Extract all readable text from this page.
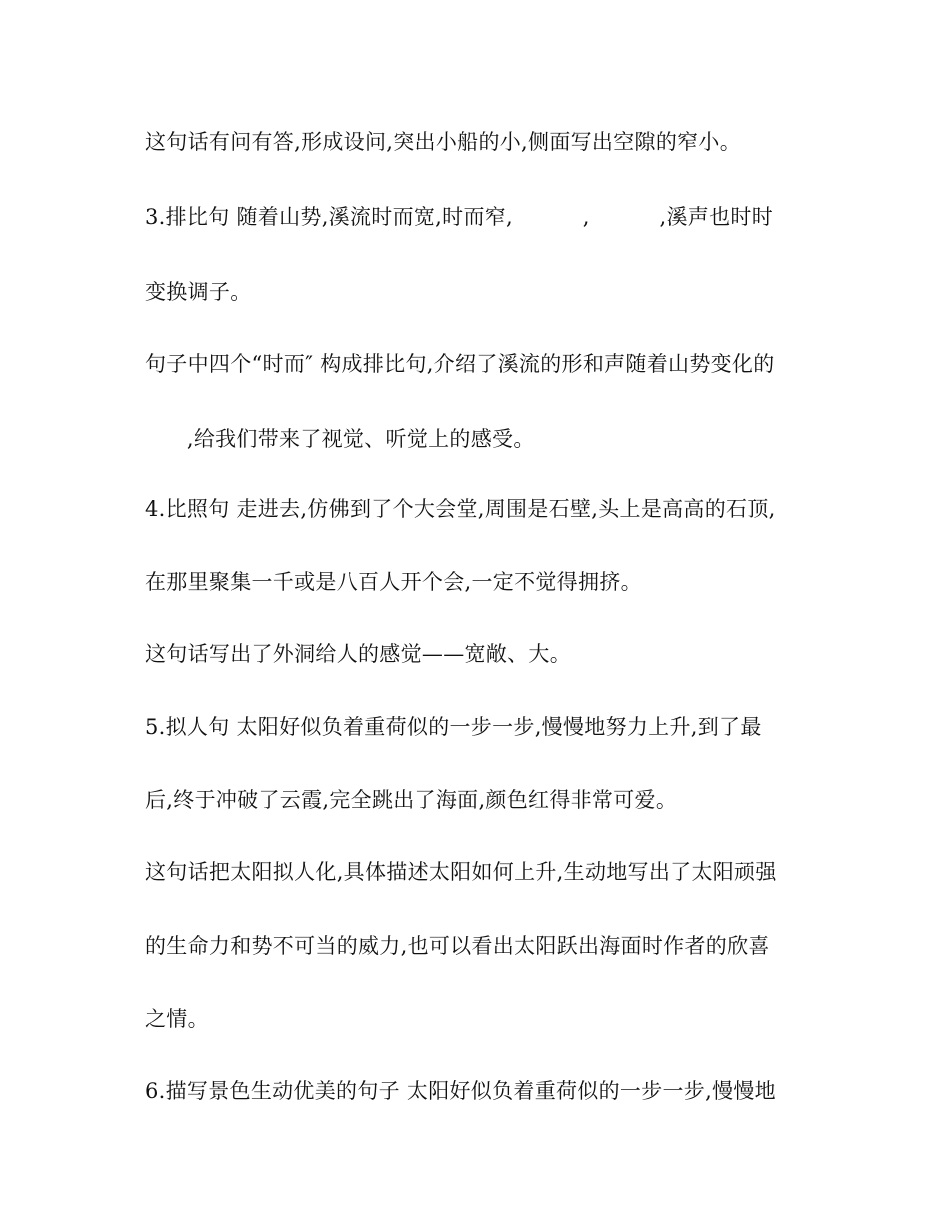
这句话有问有答,形成设问,突出小船的小,侧面写出空隙的窄小。
3.排比句 随着山势,溪流时而宽,时而窄,          ,          ,溪声也时时
变换调子。
句子中四个“时而″ 构成排比句,介绍了溪流的形和声随着山势变化的
,给我们带来了视觉、听觉上的感受。
4.比照句 走进去,仿佛到了个大会堂,周围是石壁,头上是高高的石顶,
在那里聚集一千或是八百人开个会,一定不觉得拥挤。
这句话写出了外洞给人的感觉——宽敞、大。
5.拟人句 太阳好似负着重荷似的一步一步,慢慢地努力上升,到了最
后,终于冲破了云霞,完全跳出了海面,颜色红得非常可爱。
这句话把太阳拟人化,具体描述太阳如何上升,生动地写出了太阳顽强
的生命力和势不可当的威力,也可以看出太阳跃出海面时作者的欣喜
之情。
6.描写景色生动优美的句子 太阳好似负着重荷似的一步一步,慢慢地
